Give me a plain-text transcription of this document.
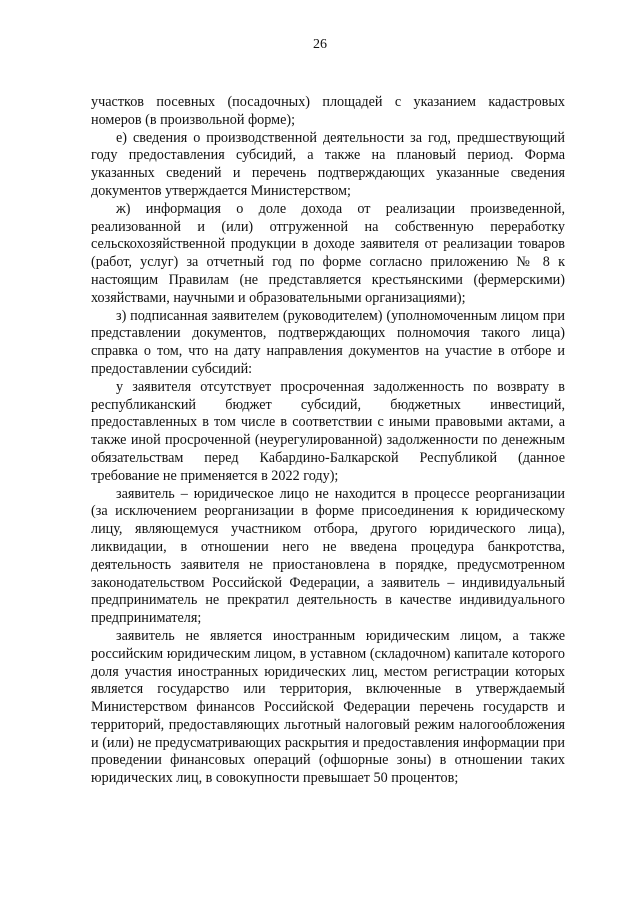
26

участков посевных (посадочных) площадей с указанием кадастровых номеров (в произвольной форме);

е) сведения о производственной деятельности за год, предшествующий году предоставления субсидий, а также на плановый период. Форма указанных сведений и перечень подтверждающих указанные сведения документов утверждается Министерством;

ж) информация о доле дохода от реализации произведенной, реализованной и (или) отгруженной на собственную переработку сельскохозяйственной продукции в доходе заявителя от реализации товаров (работ, услуг) за отчетный год по форме согласно приложению № 8 к настоящим Правилам (не представляется крестьянскими (фермерскими) хозяйствами, научными и образовательными организациями);

з) подписанная заявителем (руководителем) (уполномоченным лицом при представлении документов, подтверждающих полномочия такого лица) справка о том, что на дату направления документов на участие в отборе и предоставлении субсидий:

у заявителя отсутствует просроченная задолженность по возврату в республиканский бюджет субсидий, бюджетных инвестиций, предоставленных в том числе в соответствии с иными правовыми актами, а также иной просроченной (неурегулированной) задолженности по денежным обязательствам перед Кабардино-Балкарской Республикой (данное требование не применяется в 2022 году);

заявитель – юридическое лицо не находится в процессе реорганизации (за исключением реорганизации в форме присоединения к юридическому лицу, являющемуся участником отбора, другого юридического лица), ликвидации, в отношении него не введена процедура банкротства, деятельность заявителя не приостановлена в порядке, предусмотренном законодательством Российской Федерации, а заявитель – индивидуальный предприниматель не прекратил деятельность в качестве индивидуального предпринимателя;

заявитель не является иностранным юридическим лицом, а также российским юридическим лицом, в уставном (складочном) капитале которого доля участия иностранных юридических лиц, местом регистрации которых является государство или территория, включенные в утверждаемый Министерством финансов Российской Федерации перечень государств и территорий, предоставляющих льготный налоговый режим налогообложения и (или) не предусматривающих раскрытия и предоставления информации при проведении финансовых операций (офшорные зоны) в отношении таких юридических лиц, в совокупности превышает 50 процентов;
